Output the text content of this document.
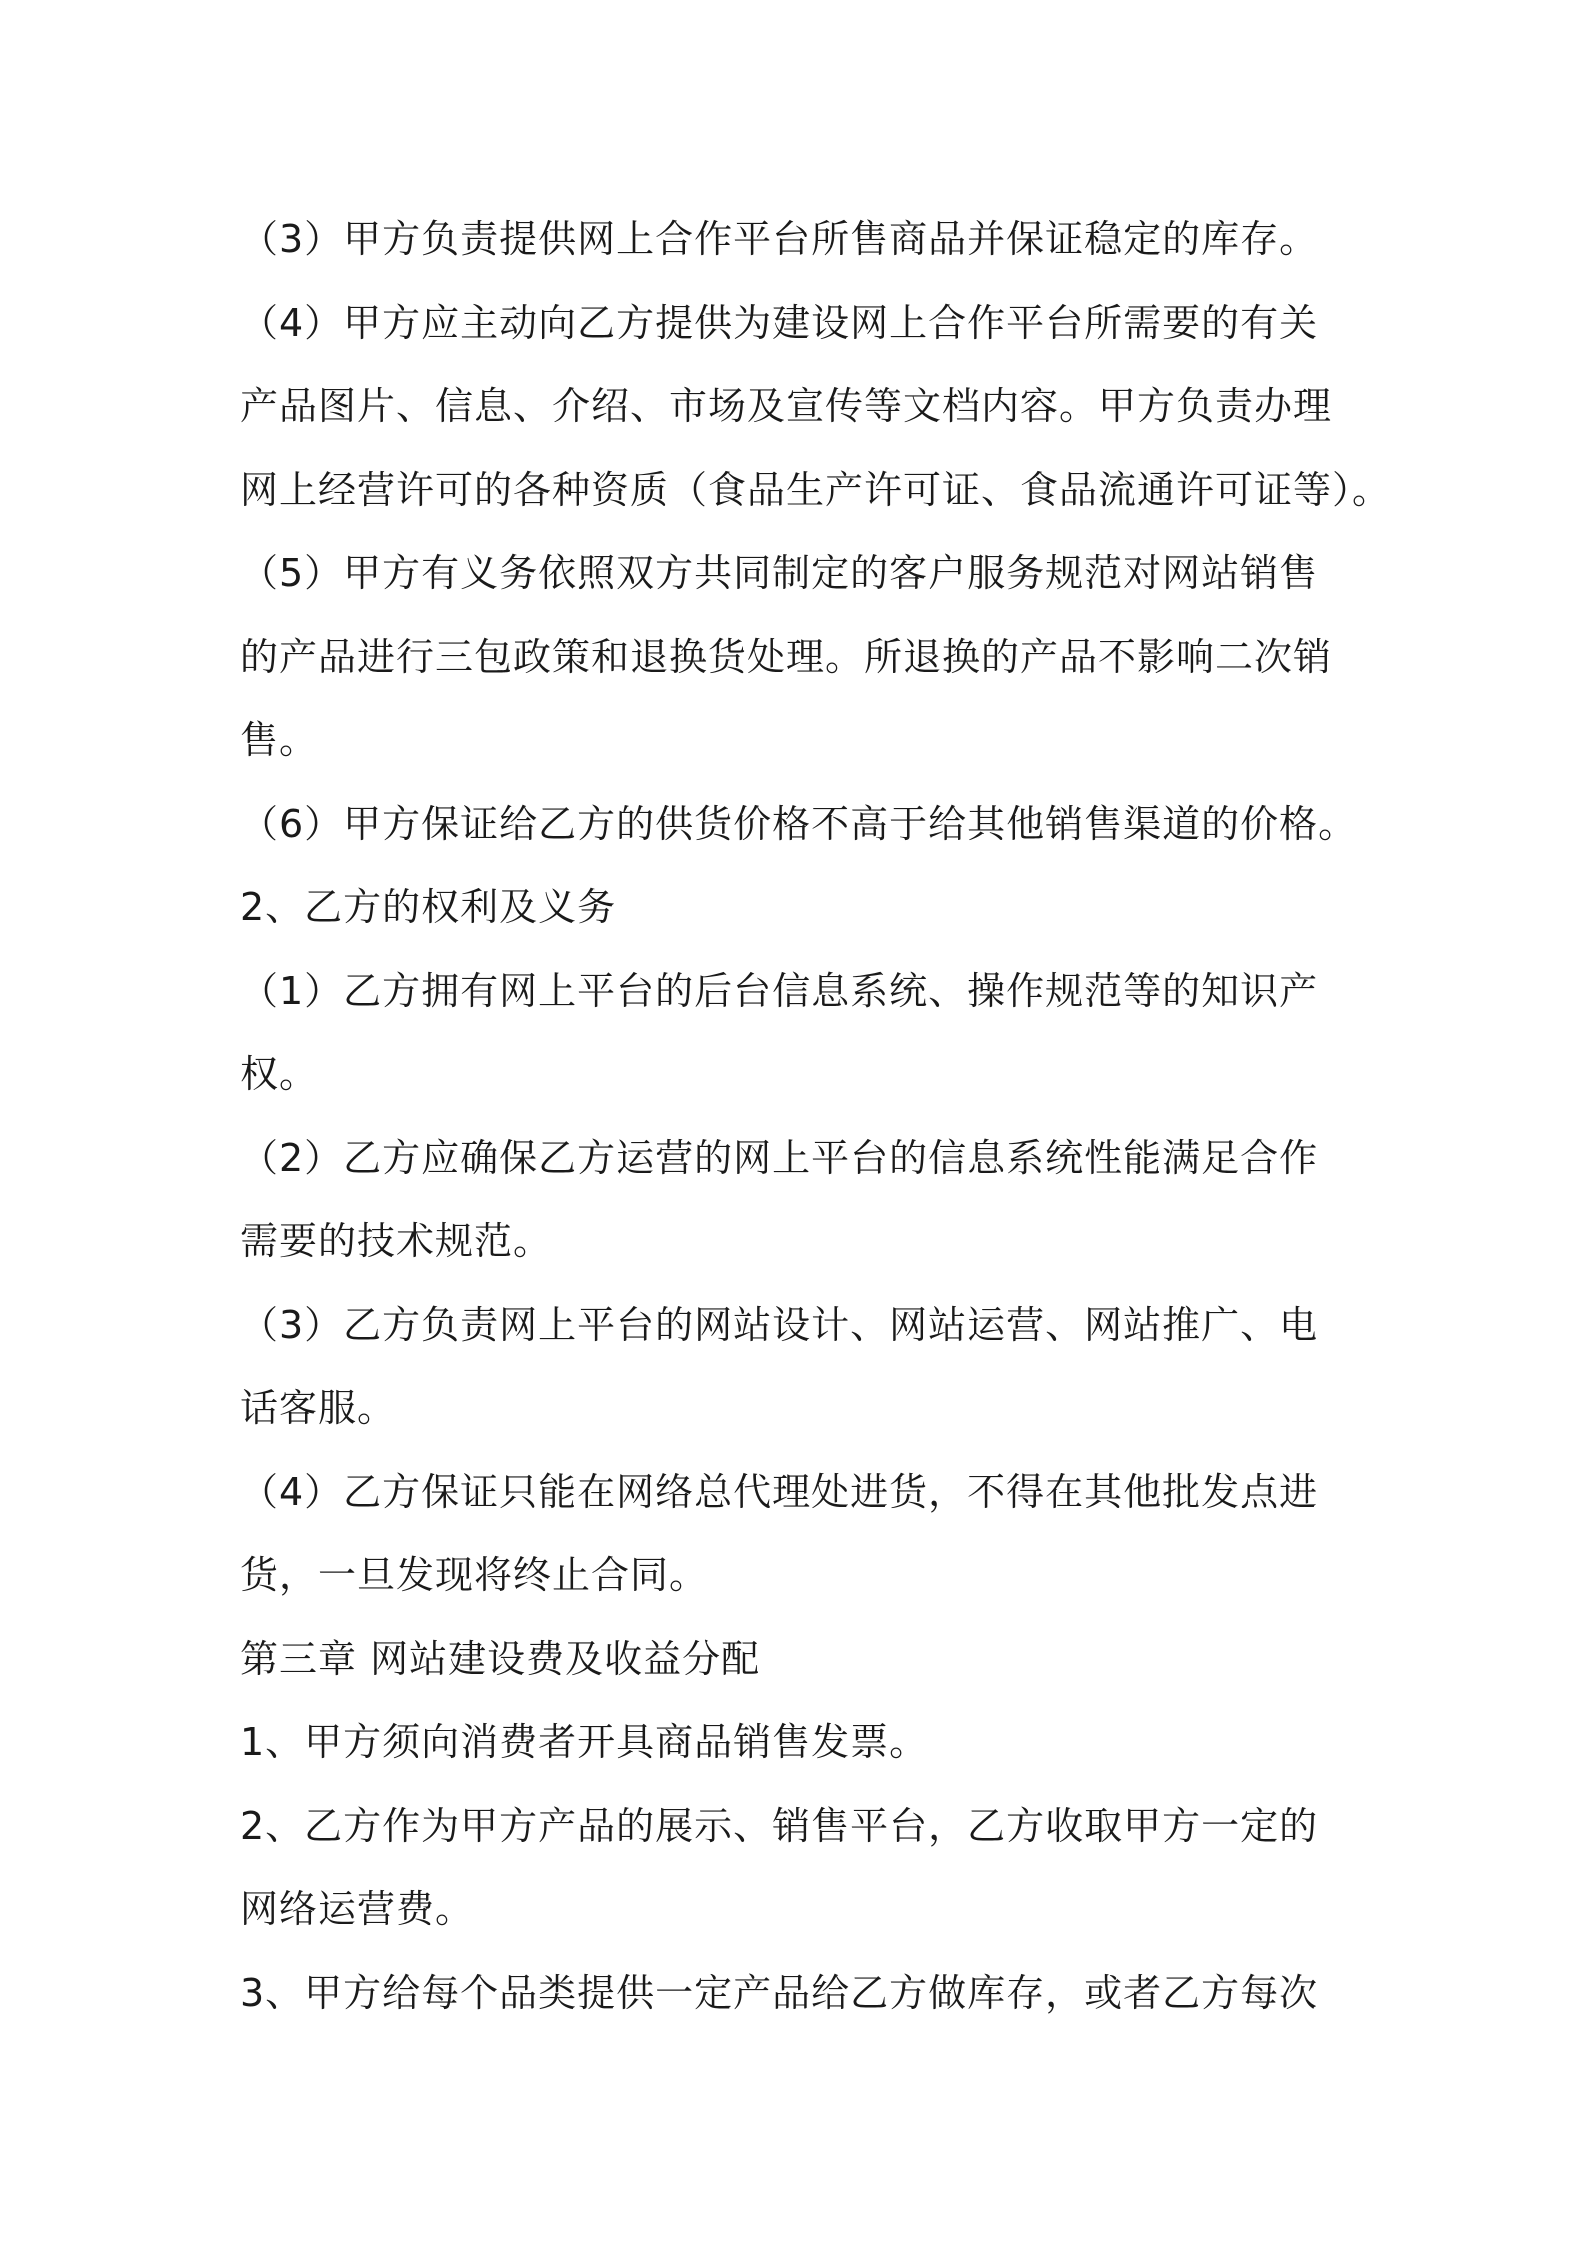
（3）甲方负责提供网上合作平台所售商品并保证稳定的库存。
（4）甲方应主动向乙方提供为建设网上合作平台所需要的有关
产品图片、信息、介绍、市场及宣传等文档内容。甲方负责办理
网上经营许可的各种资质（食品生产许可证、食品流通许可证等）。
（5）甲方有义务依照双方共同制定的客户服务规范对网站销售
的产品进行三包政策和退换货处理。所退换的产品不影响二次销
售。
（6）甲方保证给乙方的供货价格不高于给其他销售渠道的价格。
2、乙方的权利及义务
（1）乙方拥有网上平台的后台信息系统、操作规范等的知识产
权。
（2）乙方应确保乙方运营的网上平台的信息系统性能满足合作
需要的技术规范。
（3）乙方负责网上平台的网站设计、网站运营、网站推广、电
话客服。
（4）乙方保证只能在网络总代理处进货，不得在其他批发点进
货，一旦发现将终止合同。
第三章 网站建设费及收益分配
1、甲方须向消费者开具商品销售发票。
2、乙方作为甲方产品的展示、销售平台，乙方收取甲方一定的
网络运营费。
3、甲方给每个品类提供一定产品给乙方做库存，或者乙方每次
